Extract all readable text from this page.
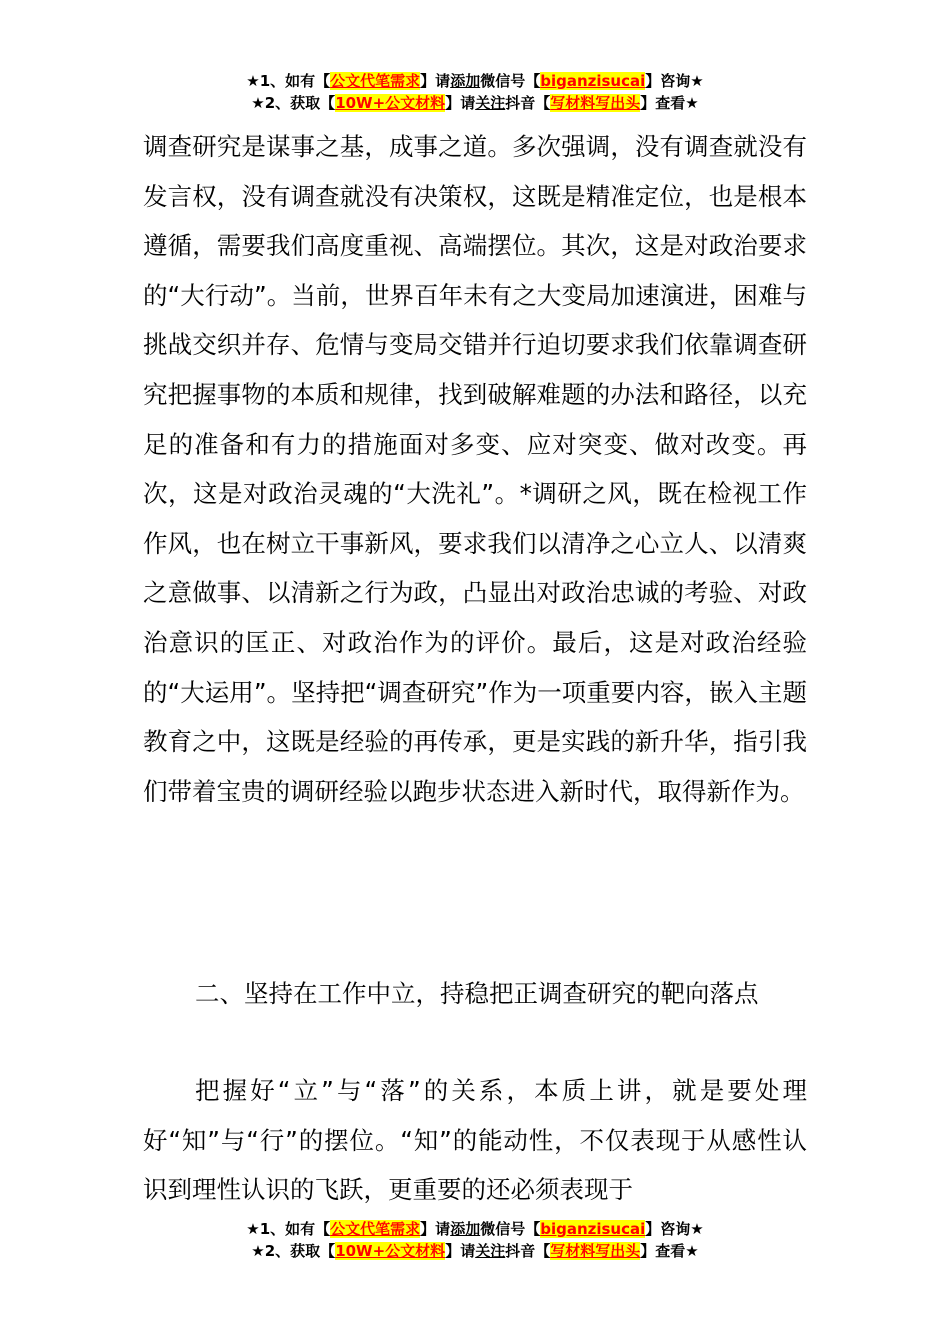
★1、如有【公文代笔需求】请添加微信号【biganzisucai】咨询★
★2、获取【10W+公文材料】请关注抖音【写材料写出头】查看★

调查研究是谋事之基，成事之道。多次强调，没有调查就没有发言权，没有调查就没有决策权，这既是精准定位，也是根本遵循，需要我们高度重视、高端摆位。其次，这是对政治要求的“大行动”。当前，世界百年未有之大变局加速演进，困难与挑战交织并存、危情与变局交错并行迫切要求我们依靠调查研究把握事物的本质和规律，找到破解难题的办法和路径，以充足的准备和有力的措施面对多变、应对突变、做对改变。再次，这是对政治灵魂的“大洗礼”。*调研之风，既在检视工作作风，也在树立干事新风，要求我们以清净之心立人、以清爽之意做事、以清新之行为政，凸显出对政治忠诚的考验、对政治意识的匡正、对政治作为的评价。最后，这是对政治经验的“大运用”。坚持把“调查研究”作为一项重要内容，嵌入主题教育之中，这既是经验的再传承，更是实践的新升华，指引我们带着宝贵的调研经验以跑步状态进入新时代，取得新作为。

二、坚持在工作中立，持稳把正调查研究的靶向落点

把握好“立”与“落”的关系，本质上讲，就是要处理好“知”与“行”的摆位。“知”的能动性，不仅表现于从感性认识到理性认识的飞跃，更重要的还必须表现于

★1、如有【公文代笔需求】请添加微信号【biganzisucai】咨询★
★2、获取【10W+公文材料】请关注抖音【写材料写出头】查看★
